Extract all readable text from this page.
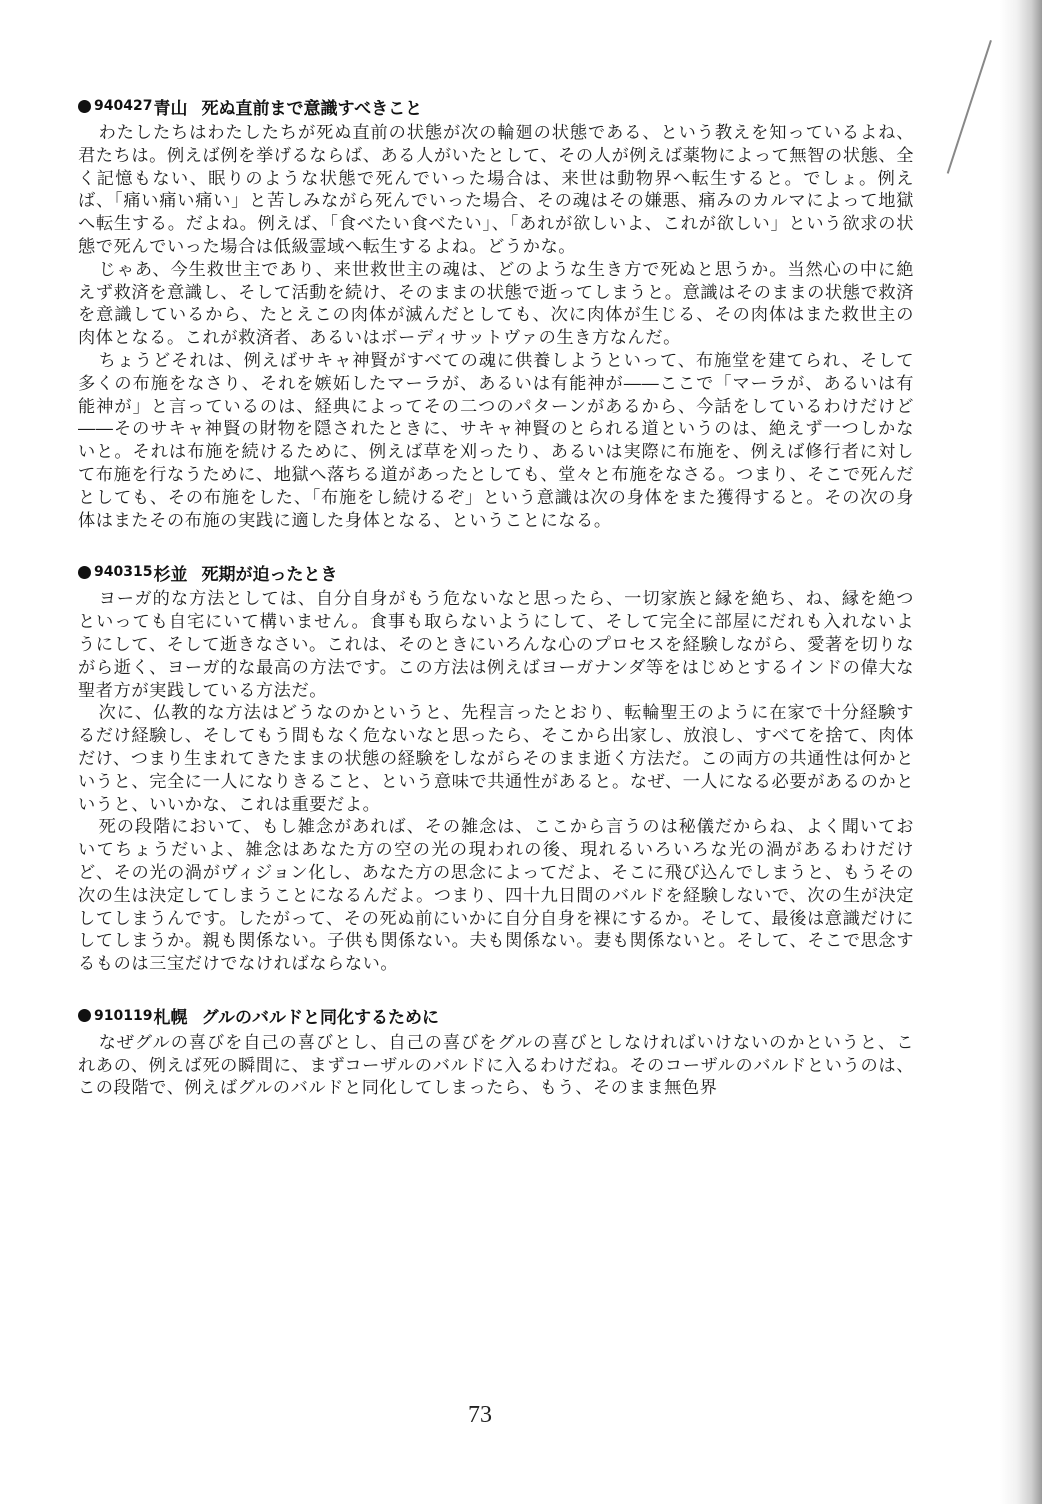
940427 青山 死ぬ直前まで意識すべきこと

わたしたちはわたしたちが死ぬ直前の状態が次の輪廻の状態である、という教えを知っているよね、君たちは。例えば例を挙げるならば、ある人がいたとして、その人が例えば薬物によって無智の状態、全く記憶もない、眠りのような状態で死んでいった場合は、来世は動物界へ転生すると。でしょ。例えば、「痛い痛い痛い」と苦しみながら死んでいった場合、その魂はその嫌悪、痛みのカルマによって地獄へ転生する。だよね。例えば、「食べたい食べたい」、「あれが欲しいよ、これが欲しい」という欲求の状態で死んでいった場合は低級霊域へ転生するよね。どうかな。

じゃあ、今生救世主であり、来世救世主の魂は、どのような生き方で死ぬと思うか。当然心の中に絶えず救済を意識し、そして活動を続け、そのままの状態で逝ってしまうと。意識はそのままの状態で救済を意識しているから、たとえこの肉体が滅んだとしても、次に肉体が生じる、その肉体はまた救世主の肉体となる。これが救済者、あるいはボーディサットヴァの生き方なんだ。

ちょうどそれは、例えばサキャ神賢がすべての魂に供養しようといって、布施堂を建てられ、そして多くの布施をなさり、それを嫉妬したマーラが、あるいは有能神が――ここで「マーラが、あるいは有能神が」と言っているのは、経典によってその二つのパターンがあるから、今話をしているわけだけど――そのサキャ神賢の財物を隠されたときに、サキャ神賢のとられる道というのは、絶えず一つしかないと。それは布施を続けるために、例えば草を刈ったり、あるいは実際に布施を、例えば修行者に対して布施を行なうために、地獄へ落ちる道があったとしても、堂々と布施をなさる。つまり、そこで死んだとしても、その布施をした、「布施をし続けるぞ」という意識は次の身体をまた獲得すると。その次の身体はまたその布施の実践に適した身体となる、ということになる。

940315 杉並 死期が迫ったとき

ヨーガ的な方法としては、自分自身がもう危ないなと思ったら、一切家族と縁を絶ち、ね、縁を絶つといっても自宅にいて構いません。食事も取らないようにして、そして完全に部屋にだれも入れないようにして、そして逝きなさい。これは、そのときにいろんな心のプロセスを経験しながら、愛著を切りながら逝く、ヨーガ的な最高の方法です。この方法は例えばヨーガナンダ等をはじめとするインドの偉大な聖者方が実践している方法だ。

次に、仏教的な方法はどうなのかというと、先程言ったとおり、転輪聖王のように在家で十分経験するだけ経験し、そしてもう間もなく危ないなと思ったら、そこから出家し、放浪し、すべてを捨て、肉体だけ、つまり生まれてきたままの状態の経験をしながらそのまま逝く方法だ。この両方の共通性は何かというと、完全に一人になりきること、という意味で共通性があると。なぜ、一人になる必要があるのかというと、いいかな、これは重要だよ。

死の段階において、もし雑念があれば、その雑念は、ここから言うのは秘儀だからね、よく聞いておいてちょうだいよ、雑念はあなた方の空の光の現われの後、現れるいろいろな光の渦があるわけだけど、その光の渦がヴィジョン化し、あなた方の思念によってだよ、そこに飛び込んでしまうと、もうその次の生は決定してしまうことになるんだよ。つまり、四十九日間のバルドを経験しないで、次の生が決定してしまうんです。したがって、その死ぬ前にいかに自分自身を裸にするか。そして、最後は意識だけにしてしまうか。親も関係ない。子供も関係ない。夫も関係ない。妻も関係ないと。そして、そこで思念するものは三宝だけでなければならない。

910119 札幌 グルのバルドと同化するために

なぜグルの喜びを自己の喜びとし、自己の喜びをグルの喜びとしなければいけないのかというと、これあの、例えば死の瞬間に、まずコーザルのバルドに入るわけだね。そのコーザルのバルドというのは、この段階で、例えばグルのバルドと同化してしまったら、もう、そのまま無色界

73
